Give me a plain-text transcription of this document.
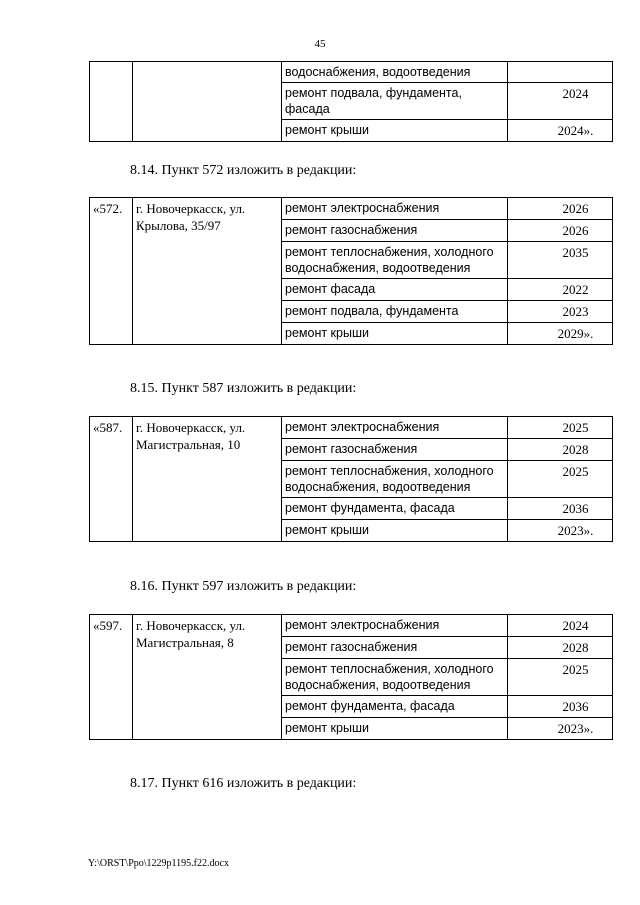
45
		водоснабжения, водоотведения	
		ремонт подвала, фундамента, фасада	2024
		ремонт крыши	2024».
8.14. Пункт 572 изложить в редакции:
«572.	г. Новочеркасск, ул. Крылова, 35/97	ремонт электроснабжения	2026
		ремонт газоснабжения	2026
		ремонт теплоснабжения, холодного водоснабжения, водоотведения	2035
		ремонт фасада	2022
		ремонт подвала, фундамента	2023
		ремонт крыши	2029».
8.15. Пункт 587 изложить в редакции:
«587.	г. Новочеркасск, ул. Магистральная, 10	ремонт электроснабжения	2025
		ремонт газоснабжения	2028
		ремонт теплоснабжения, холодного водоснабжения, водоотведения	2025
		ремонт фундамента, фасада	2036
		ремонт крыши	2023».
8.16. Пункт 597 изложить в редакции:
«597.	г. Новочеркасск, ул. Магистральная, 8	ремонт электроснабжения	2024
		ремонт газоснабжения	2028
		ремонт теплоснабжения, холодного водоснабжения, водоотведения	2025
		ремонт фундамента, фасада	2036
		ремонт крыши	2023».
8.17. Пункт 616 изложить в редакции:
Y:\ORST\Ppo\1229p1195.f22.docx
